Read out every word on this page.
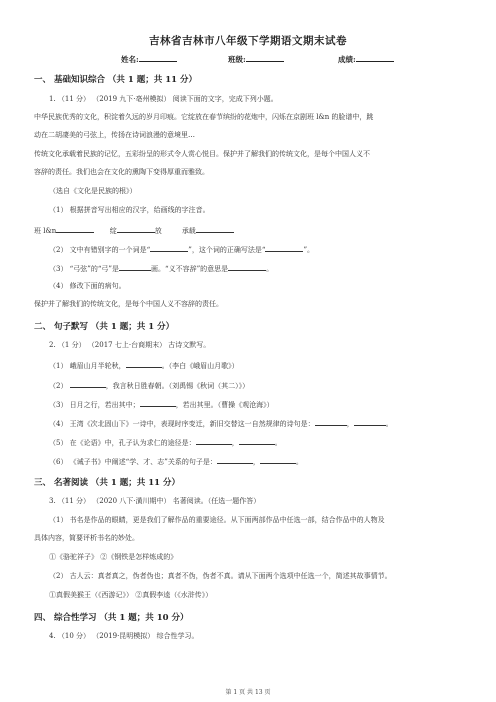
吉林省吉林市八年级下学期语文期末试卷
姓名:	班级:	成绩:
一、 基础知识综合 （共 1 题；共 11 分）
1. （11 分） （2019 九下·亳州模拟） 阅读下面的文字，完成下列小题。
中华民族优秀的文化，积淀着久远的岁月印痕。它绽放在春节缤纷的花炮中，闪烁在京剧班 l&n 的脸谱中，跳
动在二胡凄美的弓弦上，传扬在诗词浪漫的意境里…
传统文化承载着民族的记忆，五彩纷呈的形式令人赏心悦目。保护并了解我们的传统文化，是每个中国人义不
容辞的责任。我们也会在文化的熏陶下变得厚重而雅致。
（选自《文化是民族的根》）
（1） 根据拼音写出相应的汉字，给画线的字注音。
班 l&n	绽	放	承载
（2） 文中有错别字的一个词是“	”，这个词的正确写法是“	”。
（3） “弓弦”的“弓”是	画。“义不容辞”的意思是	。
（4） 修改下面的病句。
保护并了解我们的传统文化，是每个中国人义不容辞的责任。
二、 句子默写 （共 1 题；共 1 分）
2. （1 分） （2017 七上·台商期末） 古诗文默写。
（1） 峨眉山月半轮秋，	。（李白《峨眉山月歌》）
（2）	，我言秋日胜春朝。（刘禹锡《秋词（其二）》）
（3） 日月之行，若出其中；	，若出其里。（曹操《观沧海》）
（4） 王湾《次北固山下》一诗中，表现时序变迁，新旧交替这一自然规律的诗句是：	，	。
（5） 在《论语》中，孔子认为求仁的途径是：	，	。
（6） 《诫子书》中阐述“学、才、志”关系的句子是：	，	。
三、 名著阅读 （共 1 题；共 11 分）
3. （11 分） （2020 八下·潢川期中） 名著阅读。（任选一题作答）
（1） 书名是作品的眼睛，更是我们了解作品的重要途径。从下面两部作品中任选一部，结合作品中的人物及
具体内容，简要评析书名的妙处。
①《骆驼祥子》 ②《钢铁是怎样炼成的》
（2） 古人云：真者真之，伪者伪也；真者不伪，伪者不真。请从下面两个选项中任选一个，简述其故事情节。
①真假美猴王（《西游记》） ②真假李逵（《水浒传》）
四、 综合性学习 （共 1 题；共 10 分）
4. （10 分） （2019·昆明模拟） 综合性学习。
第 1 页 共 13 页
